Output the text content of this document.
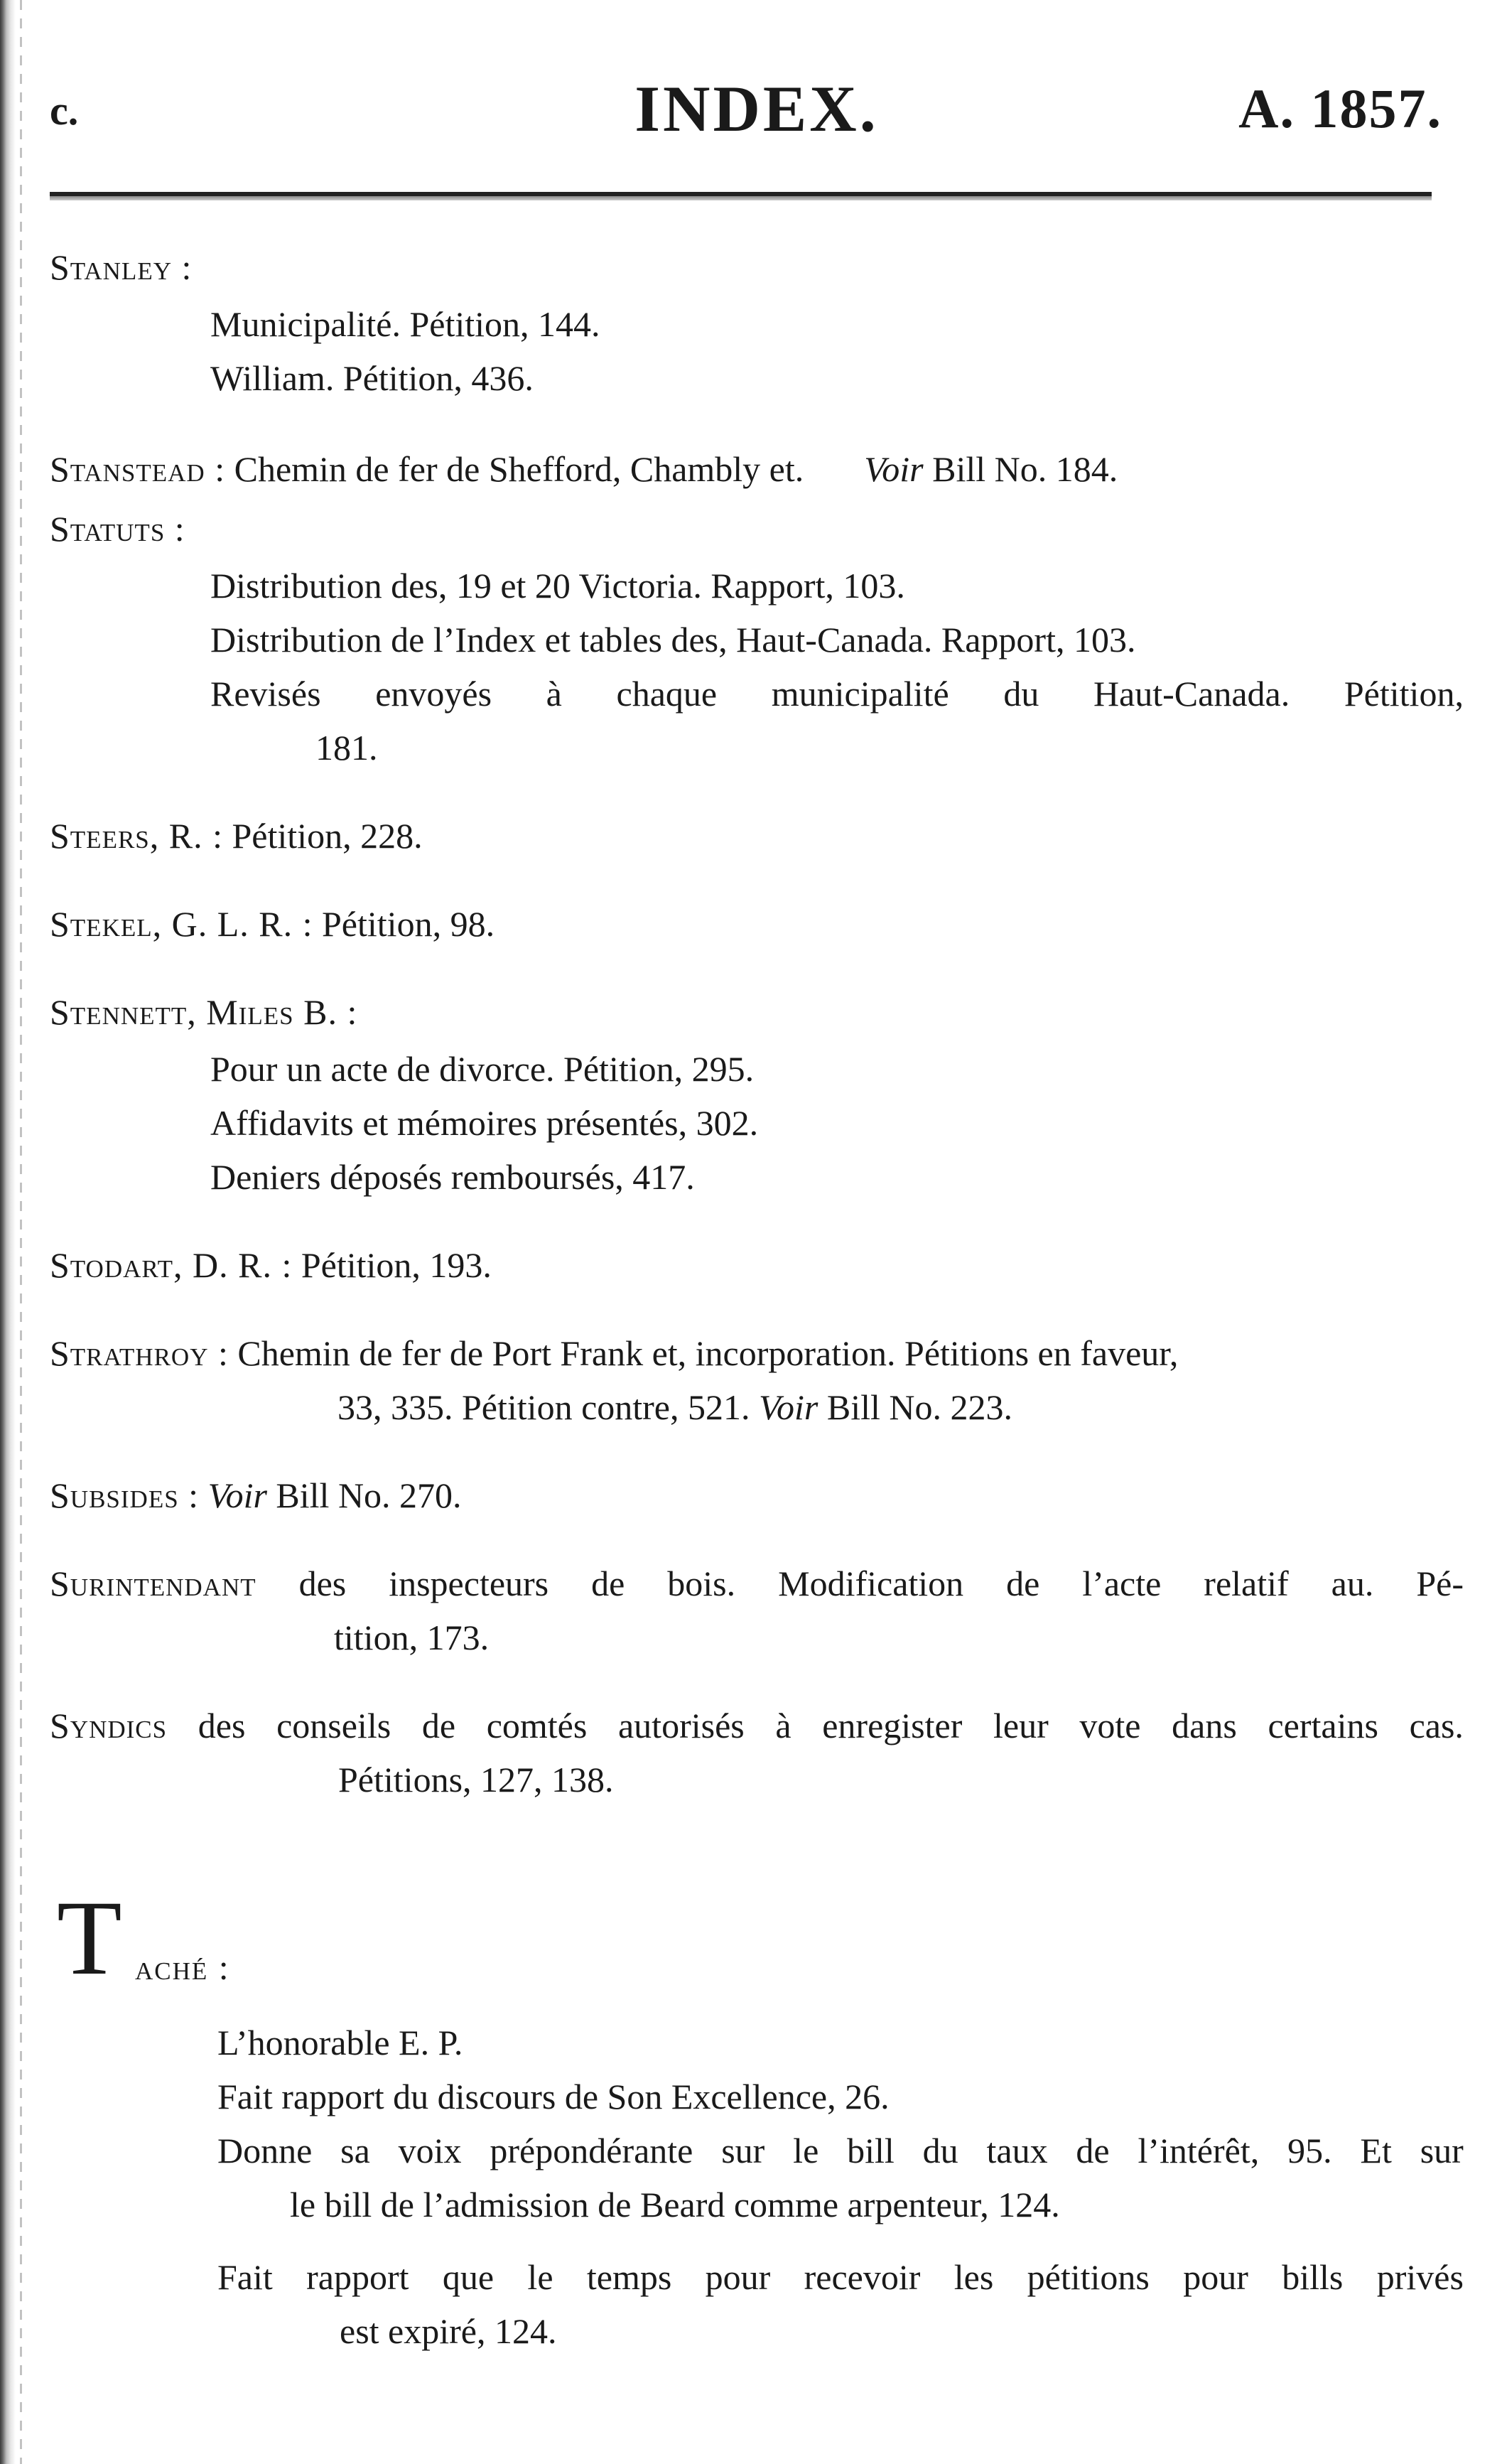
c.	INDEX.	A. 1857.
Stanley :
Municipalité. Pétition, 144.
William. Pétition, 436.
Stanstead : Chemin de fer de Shefford, Chambly et. Voir Bill No. 184.
Statuts :
Distribution des, 19 et 20 Victoria. Rapport, 103.
Distribution de l’Index et tables des, Haut-Canada. Rapport, 103.
Revisés envoyés à chaque municipalité du Haut-Canada. Pétition,
181.
Steers, R. : Pétition, 228.
Stekel, G. L. R. : Pétition, 98.
Stennett, Miles B. :
Pour un acte de divorce. Pétition, 295.
Affidavits et mémoires présentés, 302.
Deniers déposés remboursés, 417.
Stodart, D. R. : Pétition, 193.
Strathroy : Chemin de fer de Port Frank et, incorporation. Pétitions en faveur,
33, 335. Pétition contre, 521. Voir Bill No. 223.
Subsides : Voir Bill No. 270.
Surintendant des inspecteurs de bois. Modification de l’acte relatif au. Pé-
tition, 173.
Syndics des conseils de comtés autorisés à enregister leur vote dans certains cas.
Pétitions, 127, 138.
T aché :
L’honorable E. P.
Fait rapport du discours de Son Excellence, 26.
Donne sa voix prépondérante sur le bill du taux de l’intérêt, 95. Et sur
le bill de l’admission de Beard comme arpenteur, 124.
Fait rapport que le temps pour recevoir les pétitions pour bills privés
est expiré, 124.
